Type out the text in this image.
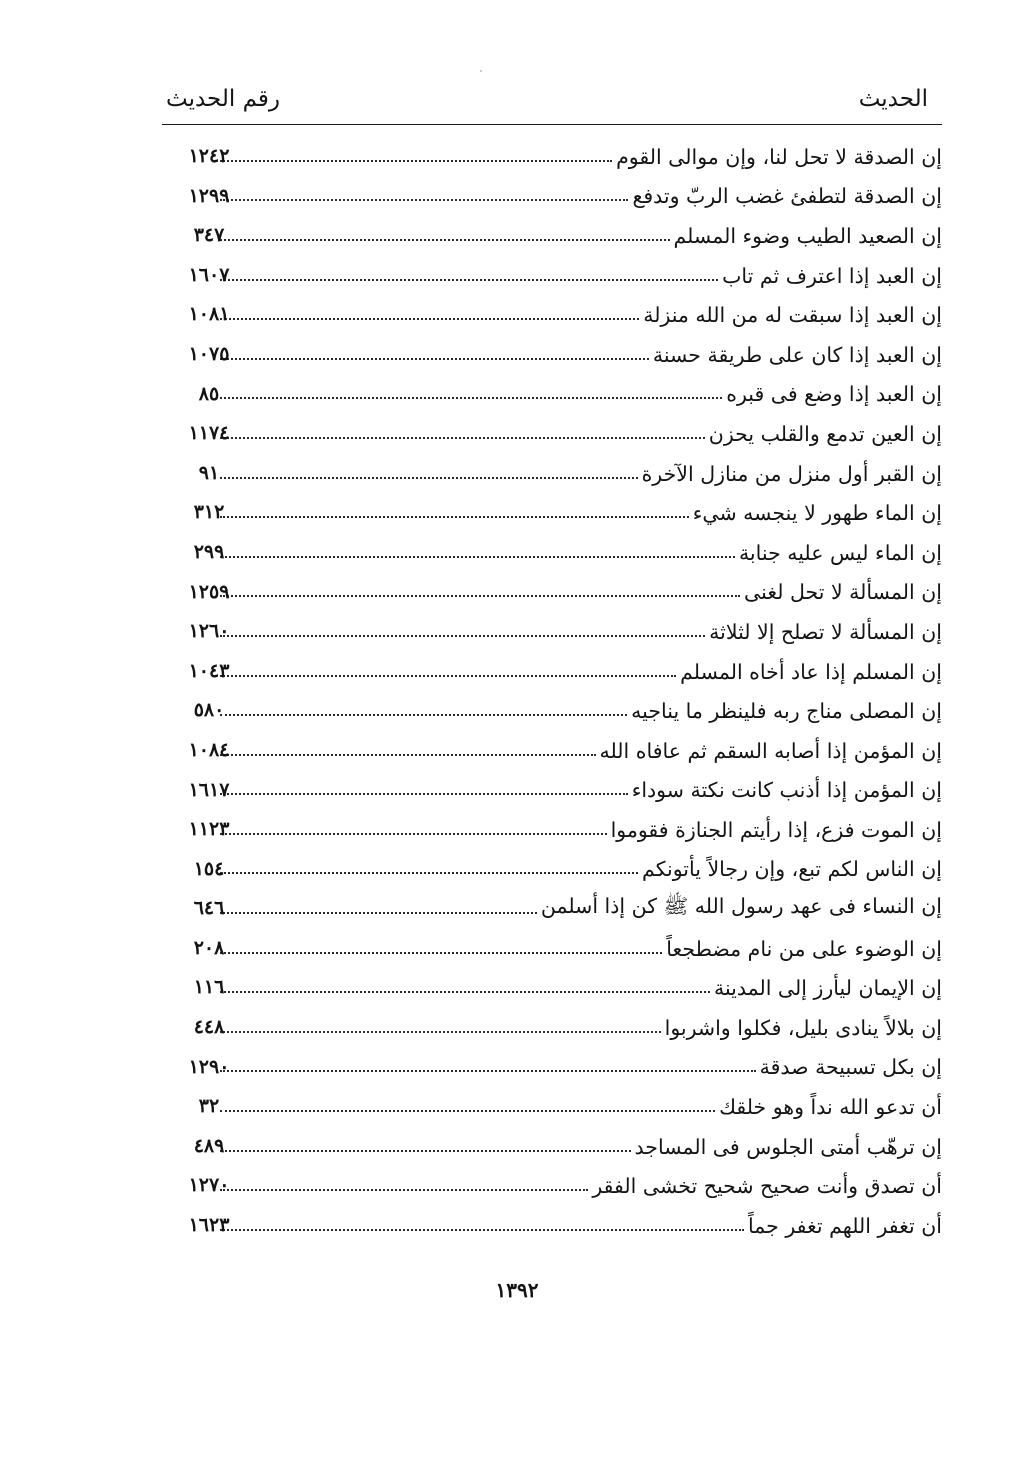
الحديث
رقم الحديث
إن الصدقة لا تحل لنا، وإن موالى القوم
١٢٤٢
إن الصدقة لتطفئ غضب الربّ وتدفع
١٢٩٩
إن الصعيد الطيب وضوء المسلم
٣٤٧
إن العبد إذا اعترف ثم تاب
١٦٠٧
إن العبد إذا سبقت له من الله منزلة
١٠٨١
إن العبد إذا كان على طريقة حسنة
١٠٧٥
إن العبد إذا وضع فى قبره
٨٥
إن العين تدمع والقلب يحزن
١١٧٤
إن القبر أول منزل من منازل الآخرة
٩١
إن الماء طهور لا ينجسه شيء
٣١٢
إن الماء ليس عليه جنابة
٢٩٩
إن المسألة لا تحل لغنى
١٢٥٩
إن المسألة لا تصلح إلا لثلاثة
١٢٦٠
إن المسلم إذا عاد أخاه المسلم
١٠٤٣
إن المصلى مناج ربه فلينظر ما يناجيه
٥٨٠
إن المؤمن إذا أصابه السقم ثم عافاه الله
١٠٨٤
إن المؤمن إذا أذنب كانت نكتة سوداء
١٦١٧
إن الموت فزع، إذا رأيتم الجنازة فقوموا
١١٢٣
إن الناس لكم تبع، وإن رجالاً يأتونكم
١٥٤
إن النساء فى عهد رسول الله ﷺ كن إذا أسلمن
٦٤٦
إن الوضوء على من نام مضطجعاً
٢٠٨
إن الإيمان ليأرز إلى المدينة
١١٦
إن بلالاً ينادى بليل، فكلوا واشربوا
٤٤٨
إن بكل تسبيحة صدقة
١٢٩٠
أن تدعو الله نداً وهو خلقك
٣٢
إن ترهّب أمتى الجلوس فى المساجد
٤٨٩
أن تصدق وأنت صحيح شحيح تخشى الفقر
١٢٧٠
أن تغفر اللهم تغفر جماً
١٦٢٣
١٣٩٢
